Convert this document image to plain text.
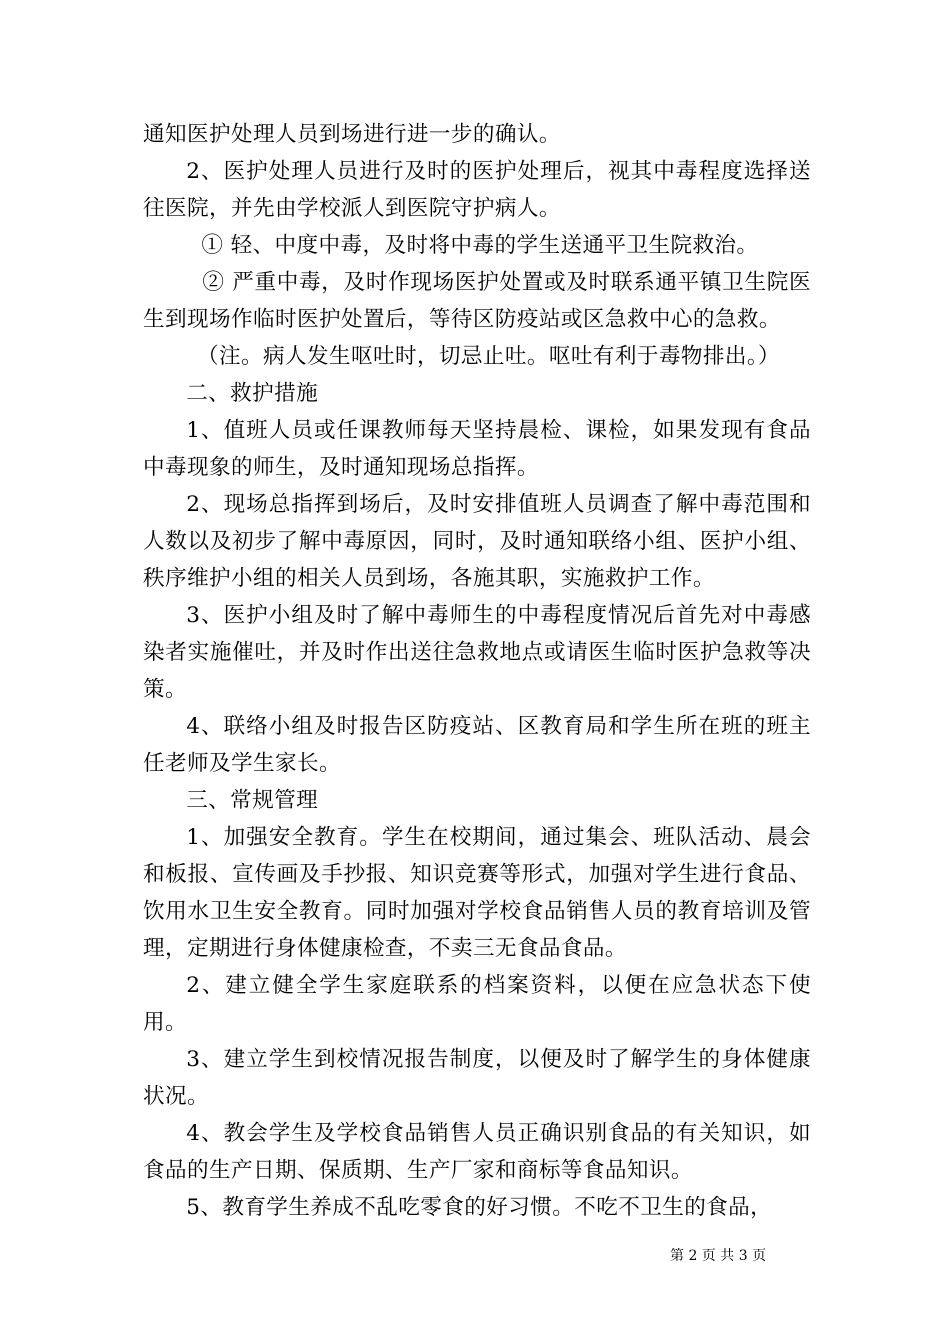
通知医护处理人员到场进行进一步的确认。

2、医护处理人员进行及时的医护处理后，视其中毒程度选择送往医院，并先由学校派人到医院守护病人。

① 轻、中度中毒，及时将中毒的学生送通平卫生院救治。

② 严重中毒，及时作现场医护处置或及时联系通平镇卫生院医生到现场作临时医护处置后，等待区防疫站或区急救中心的急救。

（注。病人发生呕吐时，切忌止吐。呕吐有利于毒物排出。）

二、救护措施

1、值班人员或任课教师每天坚持晨检、课检，如果发现有食品中毒现象的师生，及时通知现场总指挥。

2、现场总指挥到场后，及时安排值班人员调查了解中毒范围和人数以及初步了解中毒原因，同时，及时通知联络小组、医护小组、秩序维护小组的相关人员到场，各施其职，实施救护工作。

3、医护小组及时了解中毒师生的中毒程度情况后首先对中毒感染者实施催吐，并及时作出送往急救地点或请医生临时医护急救等决策。

4、联络小组及时报告区防疫站、区教育局和学生所在班的班主任老师及学生家长。

三、常规管理

1、加强安全教育。学生在校期间，通过集会、班队活动、晨会和板报、宣传画及手抄报、知识竞赛等形式，加强对学生进行食品、饮用水卫生安全教育。同时加强对学校食品销售人员的教育培训及管理，定期进行身体健康检查，不卖三无食品食品。

2、建立健全学生家庭联系的档案资料，以便在应急状态下使用。

3、建立学生到校情况报告制度，以便及时了解学生的身体健康状况。

4、教会学生及学校食品销售人员正确识别食品的有关知识，如食品的生产日期、保质期、生产厂家和商标等食品知识。

5、教育学生养成不乱吃零食的好习惯。不吃不卫生的食品，

第 2 页 共 3 页
